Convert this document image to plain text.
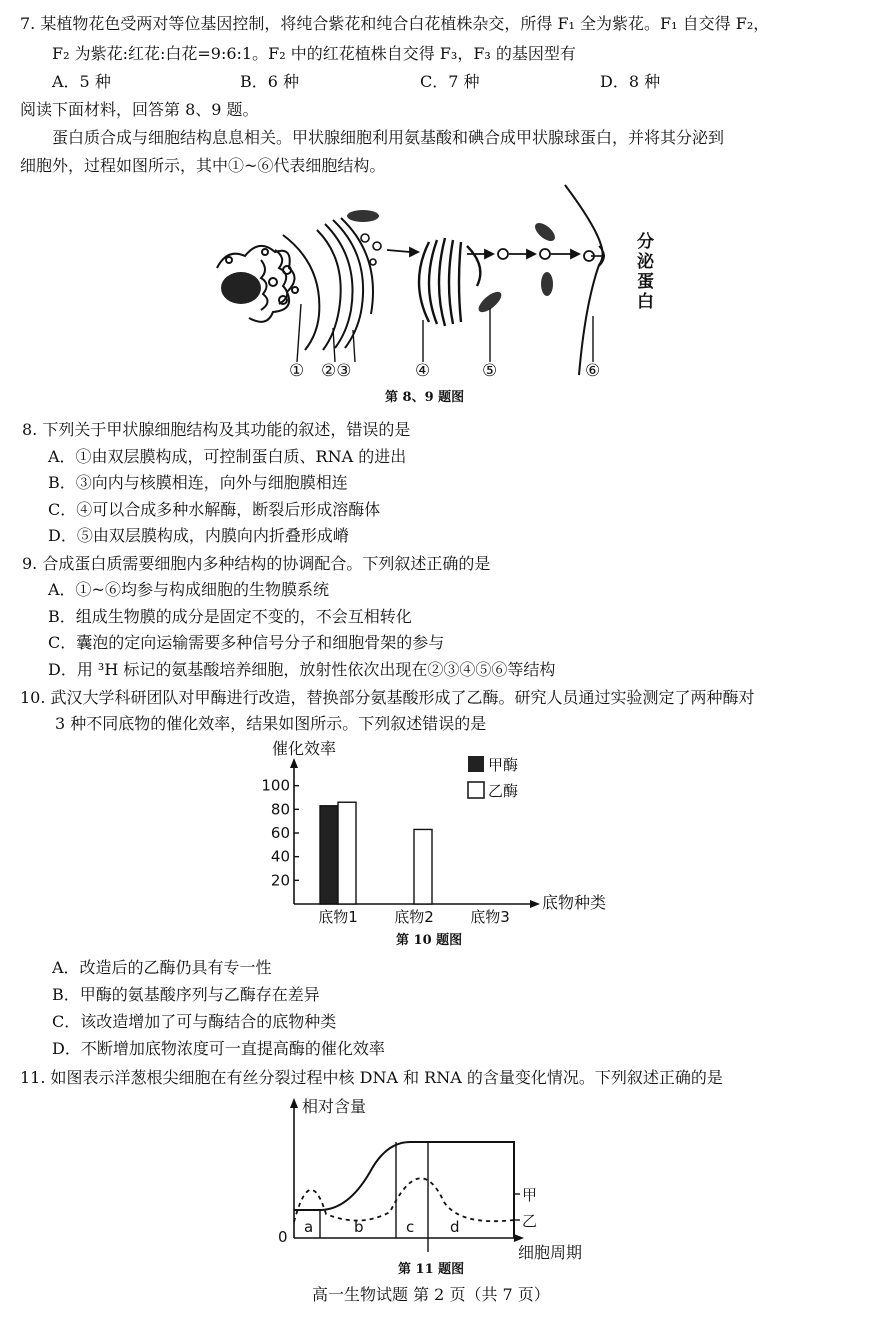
7. 某植物花色受两对等位基因控制，将纯合紫花和纯合白花植株杂交，所得 F₁ 全为紫花。F₁ 自交得 F₂，
F₂ 为紫花:红花:白花=9:6:1。F₂ 中的红花植株自交得 F₃，F₃ 的基因型有
A．5 种	B．6 种	C．7 种	D．8 种
阅读下面材料，回答第 8、9 题。
蛋白质合成与细胞结构息息相关。甲状腺细胞利用氨基酸和碘合成甲状腺球蛋白，并将其分泌到
细胞外，过程如图所示，其中①~⑥代表细胞结构。
分
泌
蛋
白
① ②③	④	⑤	⑥
第 8、9 题图
8. 下列关于甲状腺细胞结构及其功能的叙述，错误的是
A．①由双层膜构成，可控制蛋白质、RNA 的进出
B．③向内与核膜相连，向外与细胞膜相连
C．④可以合成多种水解酶，断裂后形成溶酶体
D．⑤由双层膜构成，内膜向内折叠形成嵴
9. 合成蛋白质需要细胞内多种结构的协调配合。下列叙述正确的是
A．①~⑥均参与构成细胞的生物膜系统
B．组成生物膜的成分是固定不变的，不会互相转化
C．囊泡的定向运输需要多种信号分子和细胞骨架的参与
D．用 ³H 标记的氨基酸培养细胞，放射性依次出现在②③④⑤⑥等结构
10. 武汉大学科研团队对甲酶进行改造，替换部分氨基酸形成了乙酶。研究人员通过实验测定了两种酶对
3 种不同底物的催化效率，结果如图所示。下列叙述错误的是
催化效率
底物种类
20
40
60
80
100
底物1 底物2 底物3
甲酶
乙酶
第 10 题图
A．改造后的乙酶仍具有专一性
B．甲酶的氨基酸序列与乙酶存在差异
C．该改造增加了可与酶结合的底物种类
D．不断增加底物浓度可一直提高酶的催化效率
11. 如图表示洋葱根尖细胞在有丝分裂过程中核 DNA 和 RNA 的含量变化情况。下列叙述正确的是
相对含量
0
细胞周期
甲
乙
a	b	c d
第 11 题图
高一生物试题 第 2 页（共 7 页）
